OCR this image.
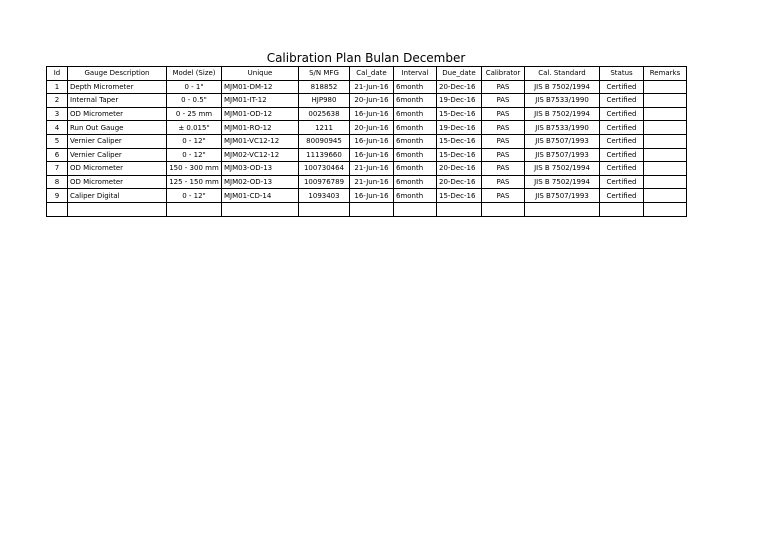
Calibration Plan Bulan December
Id	Gauge Description	Model (Size)	Unique	S/N MFG	Cal_date	Interval	Due_date	Calibrator	Cal. Standard	Status	Remarks
1	Depth Micrometer	0 - 1"	MJM01-DM-12	818852	21-Jun-16	6month	20-Dec-16	PAS	JIS B 7502/1994	Certified	
2	Internal Taper	0 - 0.5"	MJM01-IT-12	HJP980	20-Jun-16	6month	19-Dec-16	PAS	JIS B7533/1990	Certified	
3	OD Micrometer	0 - 25 mm	MJM01-OD-12	0025638	16-Jun-16	6month	15-Dec-16	PAS	JIS B 7502/1994	Certified	
4	Run Out Gauge	± 0.015"	MJM01-RO-12	1211	20-Jun-16	6month	19-Dec-16	PAS	JIS B7533/1990	Certified	
5	Vernier Caliper	0 - 12"	MJM01-VC12-12	80090945	16-Jun-16	6month	15-Dec-16	PAS	JIS B7507/1993	Certified	
6	Vernier Caliper	0 - 12"	MJM02-VC12-12	11139660	16-Jun-16	6month	15-Dec-16	PAS	JIS B7507/1993	Certified	
7	OD Micrometer	150 - 300 mm	MJM03-OD-13	100730464	21-Jun-16	6month	20-Dec-16	PAS	JIS B 7502/1994	Certified	
8	OD Micrometer	125 - 150 mm	MJM02-OD-13	100976789	21-Jun-16	6month	20-Dec-16	PAS	JIS B 7502/1994	Certified	
9	Caliper Digital	0 - 12"	MJM01-CD-14	1093403	16-Jun-16	6month	15-Dec-16	PAS	JIS B7507/1993	Certified	
